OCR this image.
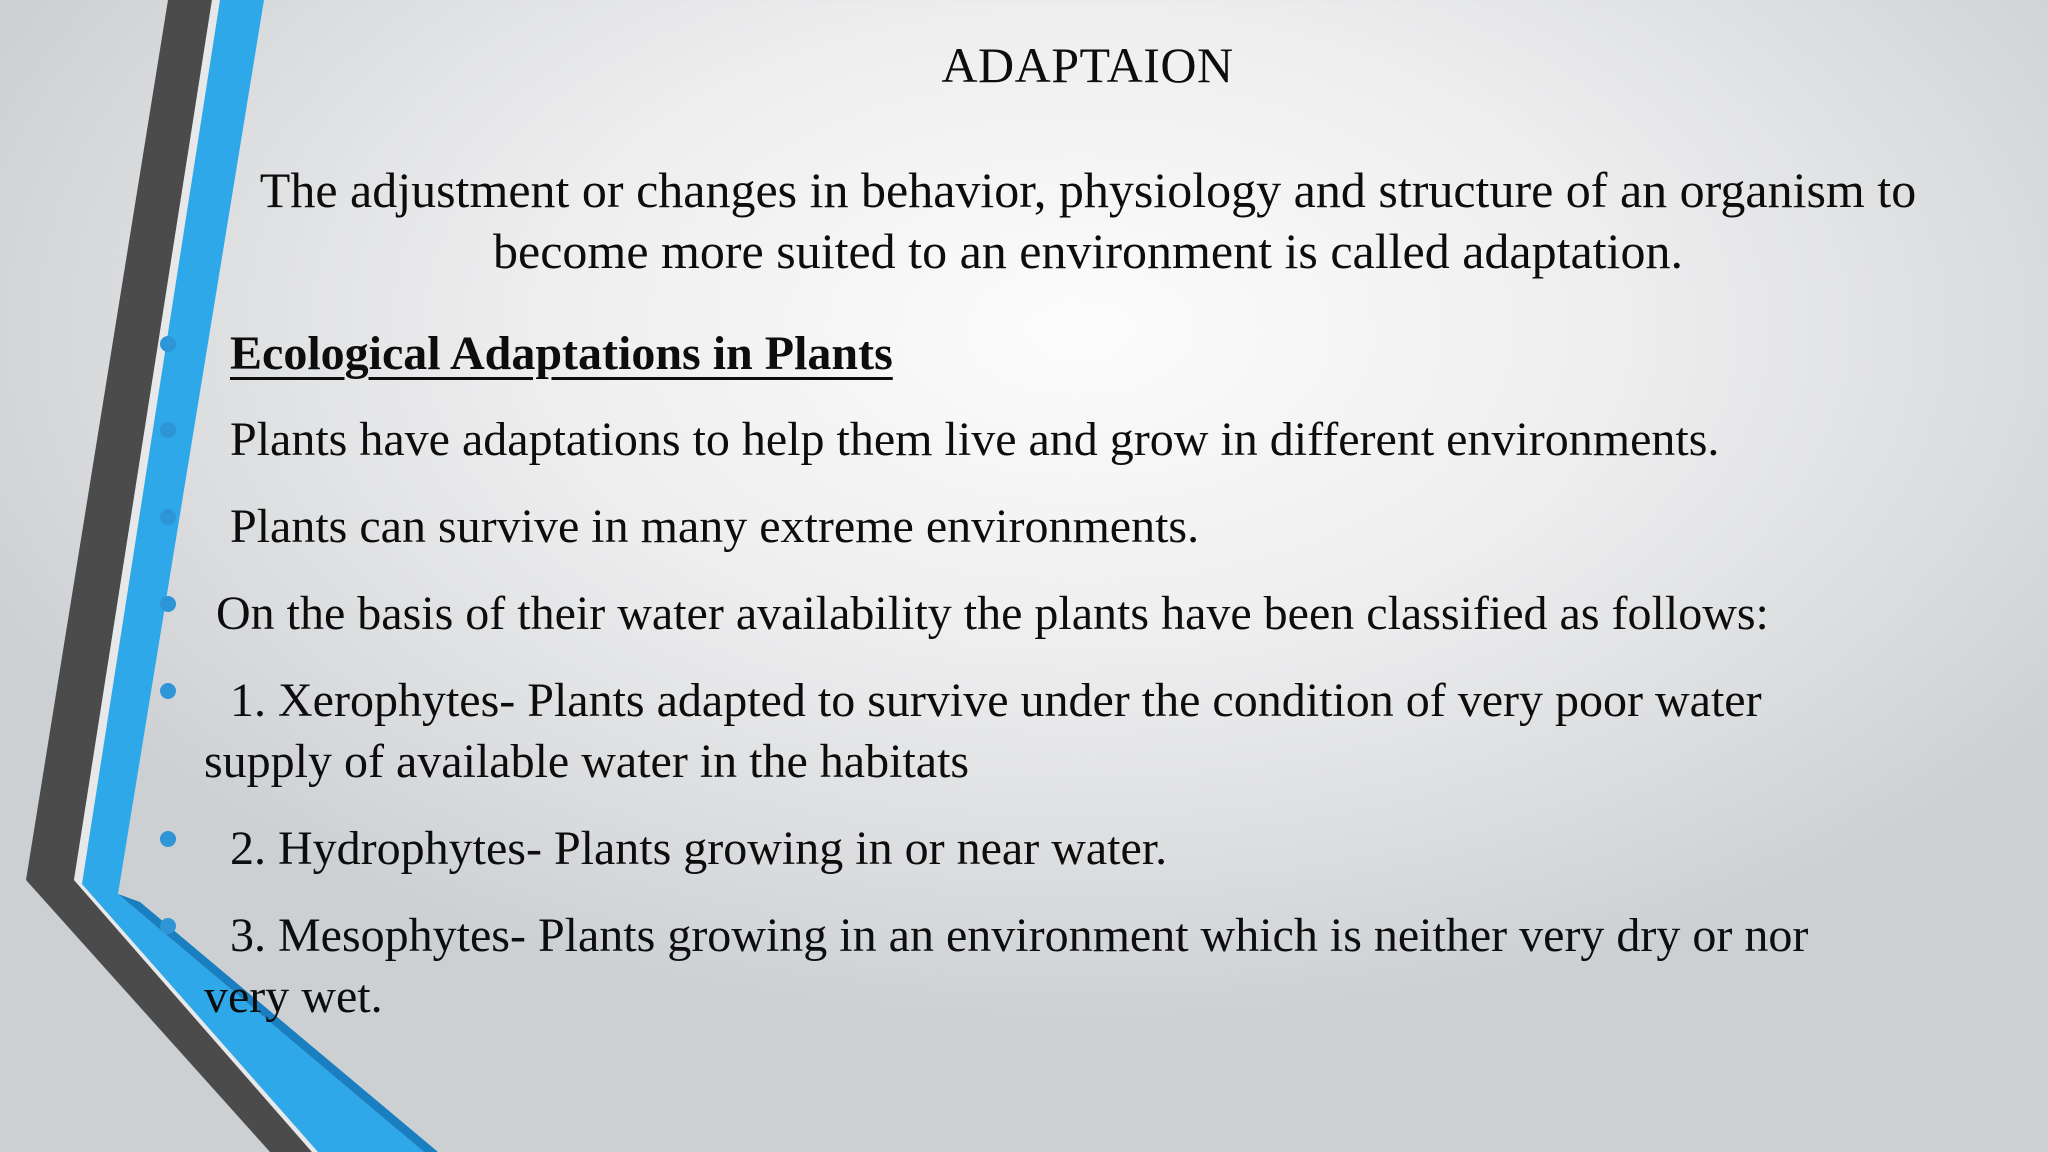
ADAPTAION
The adjustment or changes in behavior, physiology and structure of an organism to become more suited to an environment is called adaptation.
Ecological Adaptations in Plants
Plants have adaptations to help them live and grow in different environments.
Plants can survive in many extreme environments.
On the basis of their water availability the plants have been classified as follows:
1. Xerophytes- Plants adapted to survive under the condition of very poor water
supply of available water in the habitats
2. Hydrophytes- Plants growing in or near water.
3. Mesophytes- Plants growing in an environment which is neither very dry or nor
very wet.
